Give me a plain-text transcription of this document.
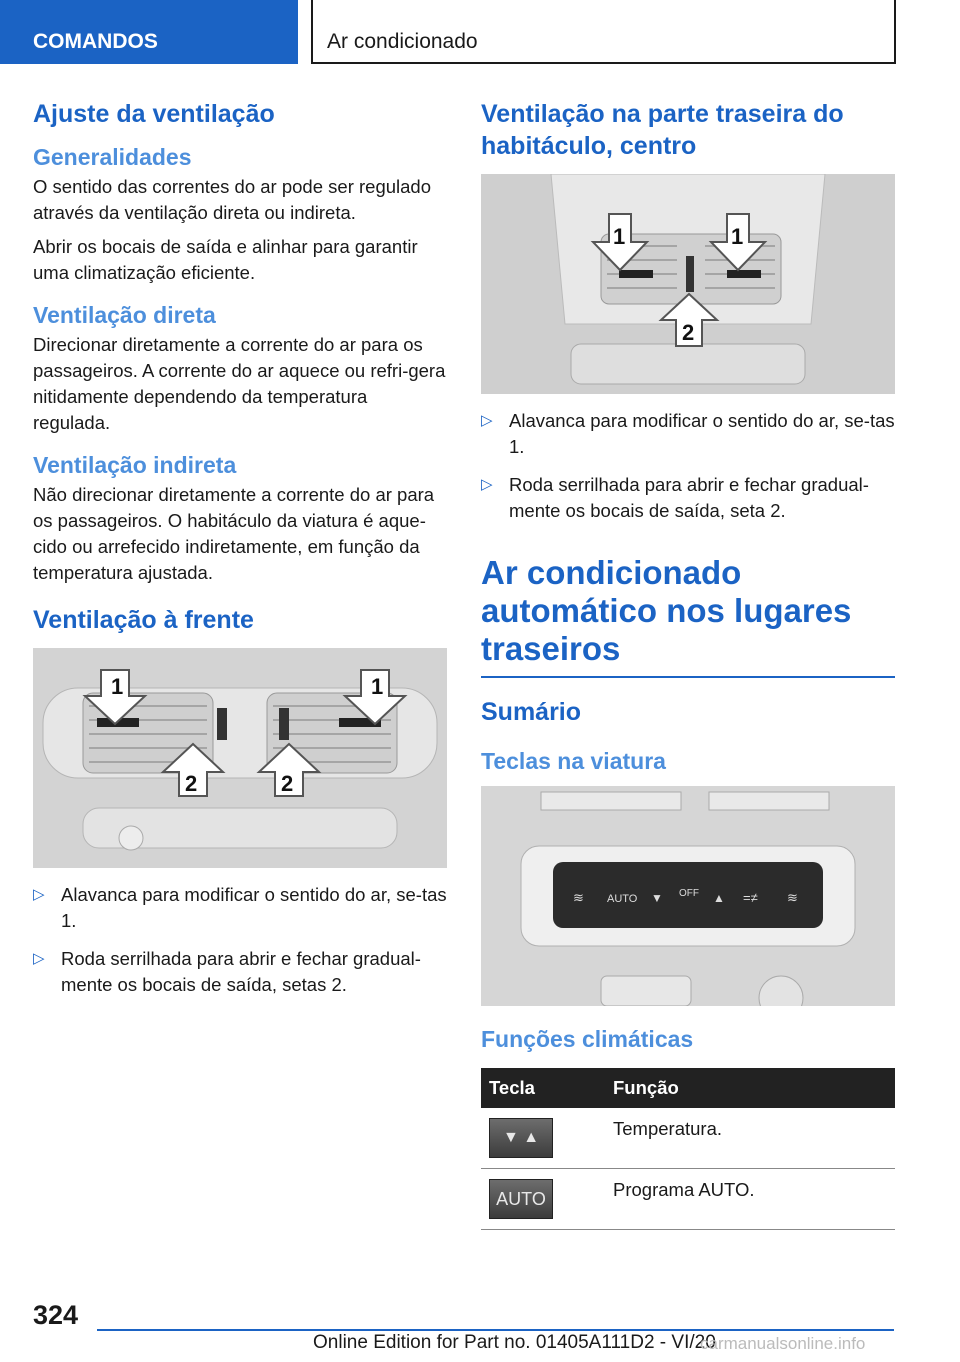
COMANDOS	Ar condicionado
Ajuste da ventilação
Generalidades

O sentido das correntes do ar pode ser regulado através da ventilação direta ou indireta.

Abrir os bocais de saída e alinhar para garantir uma climatização eficiente.

Ventilação direta

Direcionar diretamente a corrente do ar para os passageiros. A corrente do ar aquece ou refri-gera nitidamente dependendo da temperatura regulada.

Ventilação indireta

Não direcionar diretamente a corrente do ar para os passageiros. O habitáculo da viatura é aque-cido ou arrefecido indiretamente, em função da temperatura ajustada.

Ventilação à frente
1	1
2	2
▷ Alavanca para modificar o sentido do ar, se-tas 1.
▷ Roda serrilhada para abrir e fechar gradual-mente os bocais de saída, setas 2.
Ventilação na parte traseira do habitáculo, centro
1	1
2
▷ Alavanca para modificar o sentido do ar, se-tas 1.
▷ Roda serrilhada para abrir e fechar gradual-mente os bocais de saída, seta 2.
Ar condicionado automático nos lugares traseiros
Sumário
Teclas na viatura
≋ AUTO ▼ OFF ▲ =≠ ≋
Funções climáticas
Tecla	Função

▼ ▲	Temperatura.

AUTO	Programa AUTO.
324
Online Edition for Part no. 01405A111D2 - VI/20
carmanualsonline.info
